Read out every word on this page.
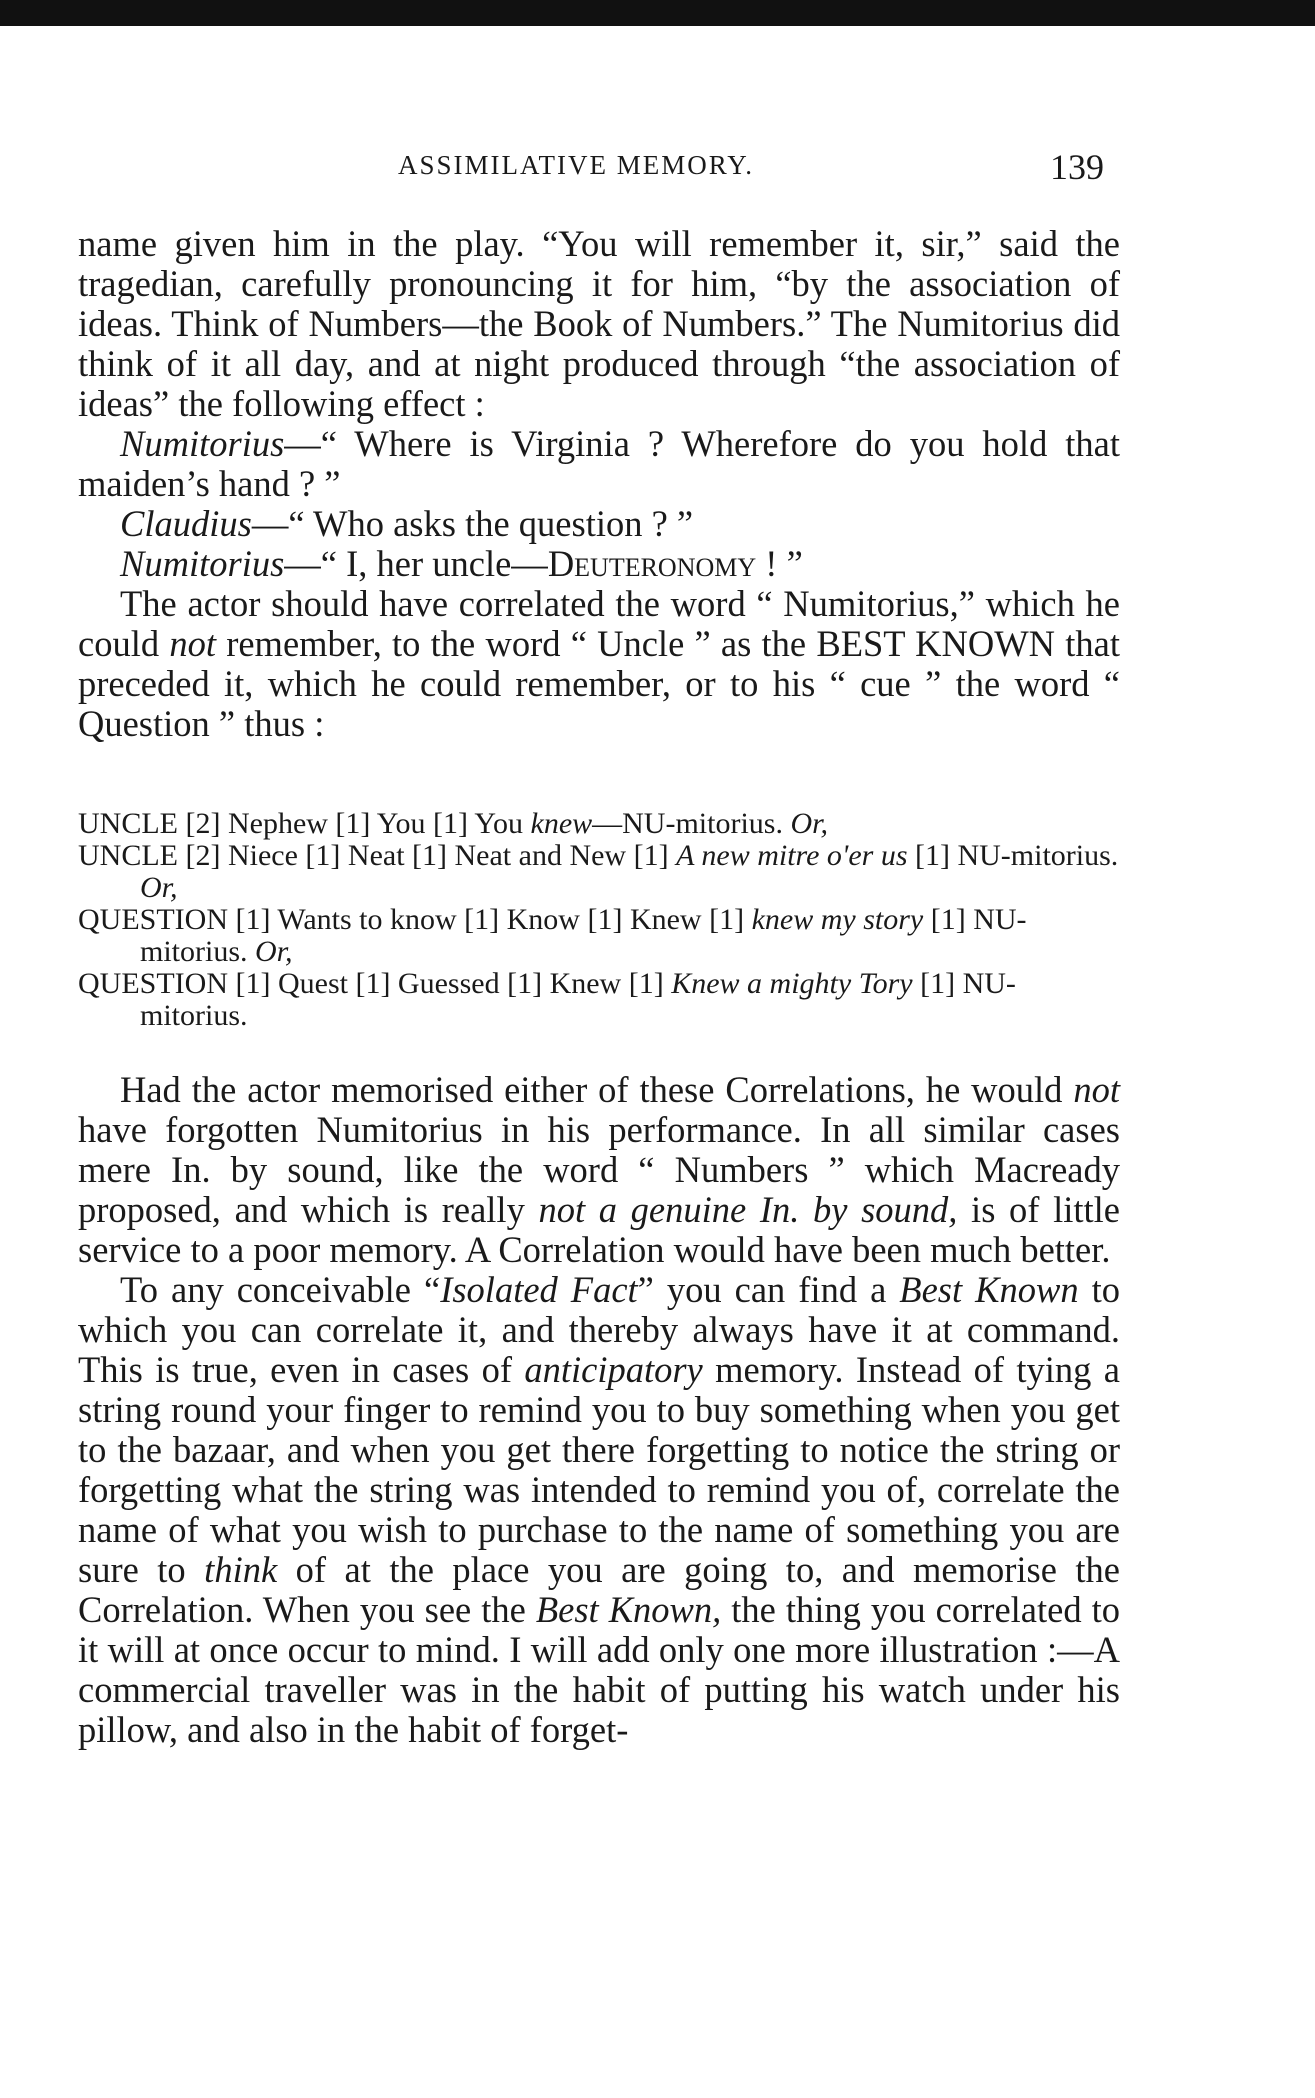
ASSIMILATIVE MEMORY.	139

name given him in the play. “You will remember it, sir,” said the tragedian, carefully pronouncing it for him, “by the association of ideas. Think of Numbers—the Book of Numbers.” The Numitorius did think of it all day, and at night produced through “the association of ideas” the following effect :

Numitorius—“ Where is Virginia ? Wherefore do you hold that maiden’s hand ? ”

Claudius—“ Who asks the question ? ”

Numitorius—“ I, her uncle—Deuteronomy ! ”

The actor should have correlated the word “ Numitorius,” which he could not remember, to the word “ Uncle ” as the BEST KNOWN that preceded it, which he could remember, or to his “ cue ” the word “ Question ” thus :

UNCLE [2] Nephew [1] You [1] You knew—NU-mitorius. Or,

UNCLE [2] Niece [1] Neat [1] Neat and New [1] A new mitre o'er us [1] NU-mitorius. Or,

QUESTION [1] Wants to know [1] Know [1] Knew [1] knew my story [1] NU-mitorius. Or,

QUESTION [1] Quest [1] Guessed [1] Knew [1] Knew a mighty Tory [1] NU-mitorius.

Had the actor memorised either of these Correlations, he would not have forgotten Numitorius in his performance. In all similar cases mere In. by sound, like the word “ Numbers ” which Macready proposed, and which is really not a genuine In. by sound, is of little service to a poor memory. A Correlation would have been much better.

To any conceivable “Isolated Fact” you can find a Best Known to which you can correlate it, and thereby always have it at command. This is true, even in cases of anticipatory memory. Instead of tying a string round your finger to remind you to buy something when you get to the bazaar, and when you get there forgetting to notice the string or forgetting what the string was intended to remind you of, correlate the name of what you wish to purchase to the name of something you are sure to think of at the place you are going to, and memorise the Correlation. When you see the Best Known, the thing you correlated to it will at once occur to mind. I will add only one more illustration :—A commercial traveller was in the habit of putting his watch under his pillow, and also in the habit of forget-
